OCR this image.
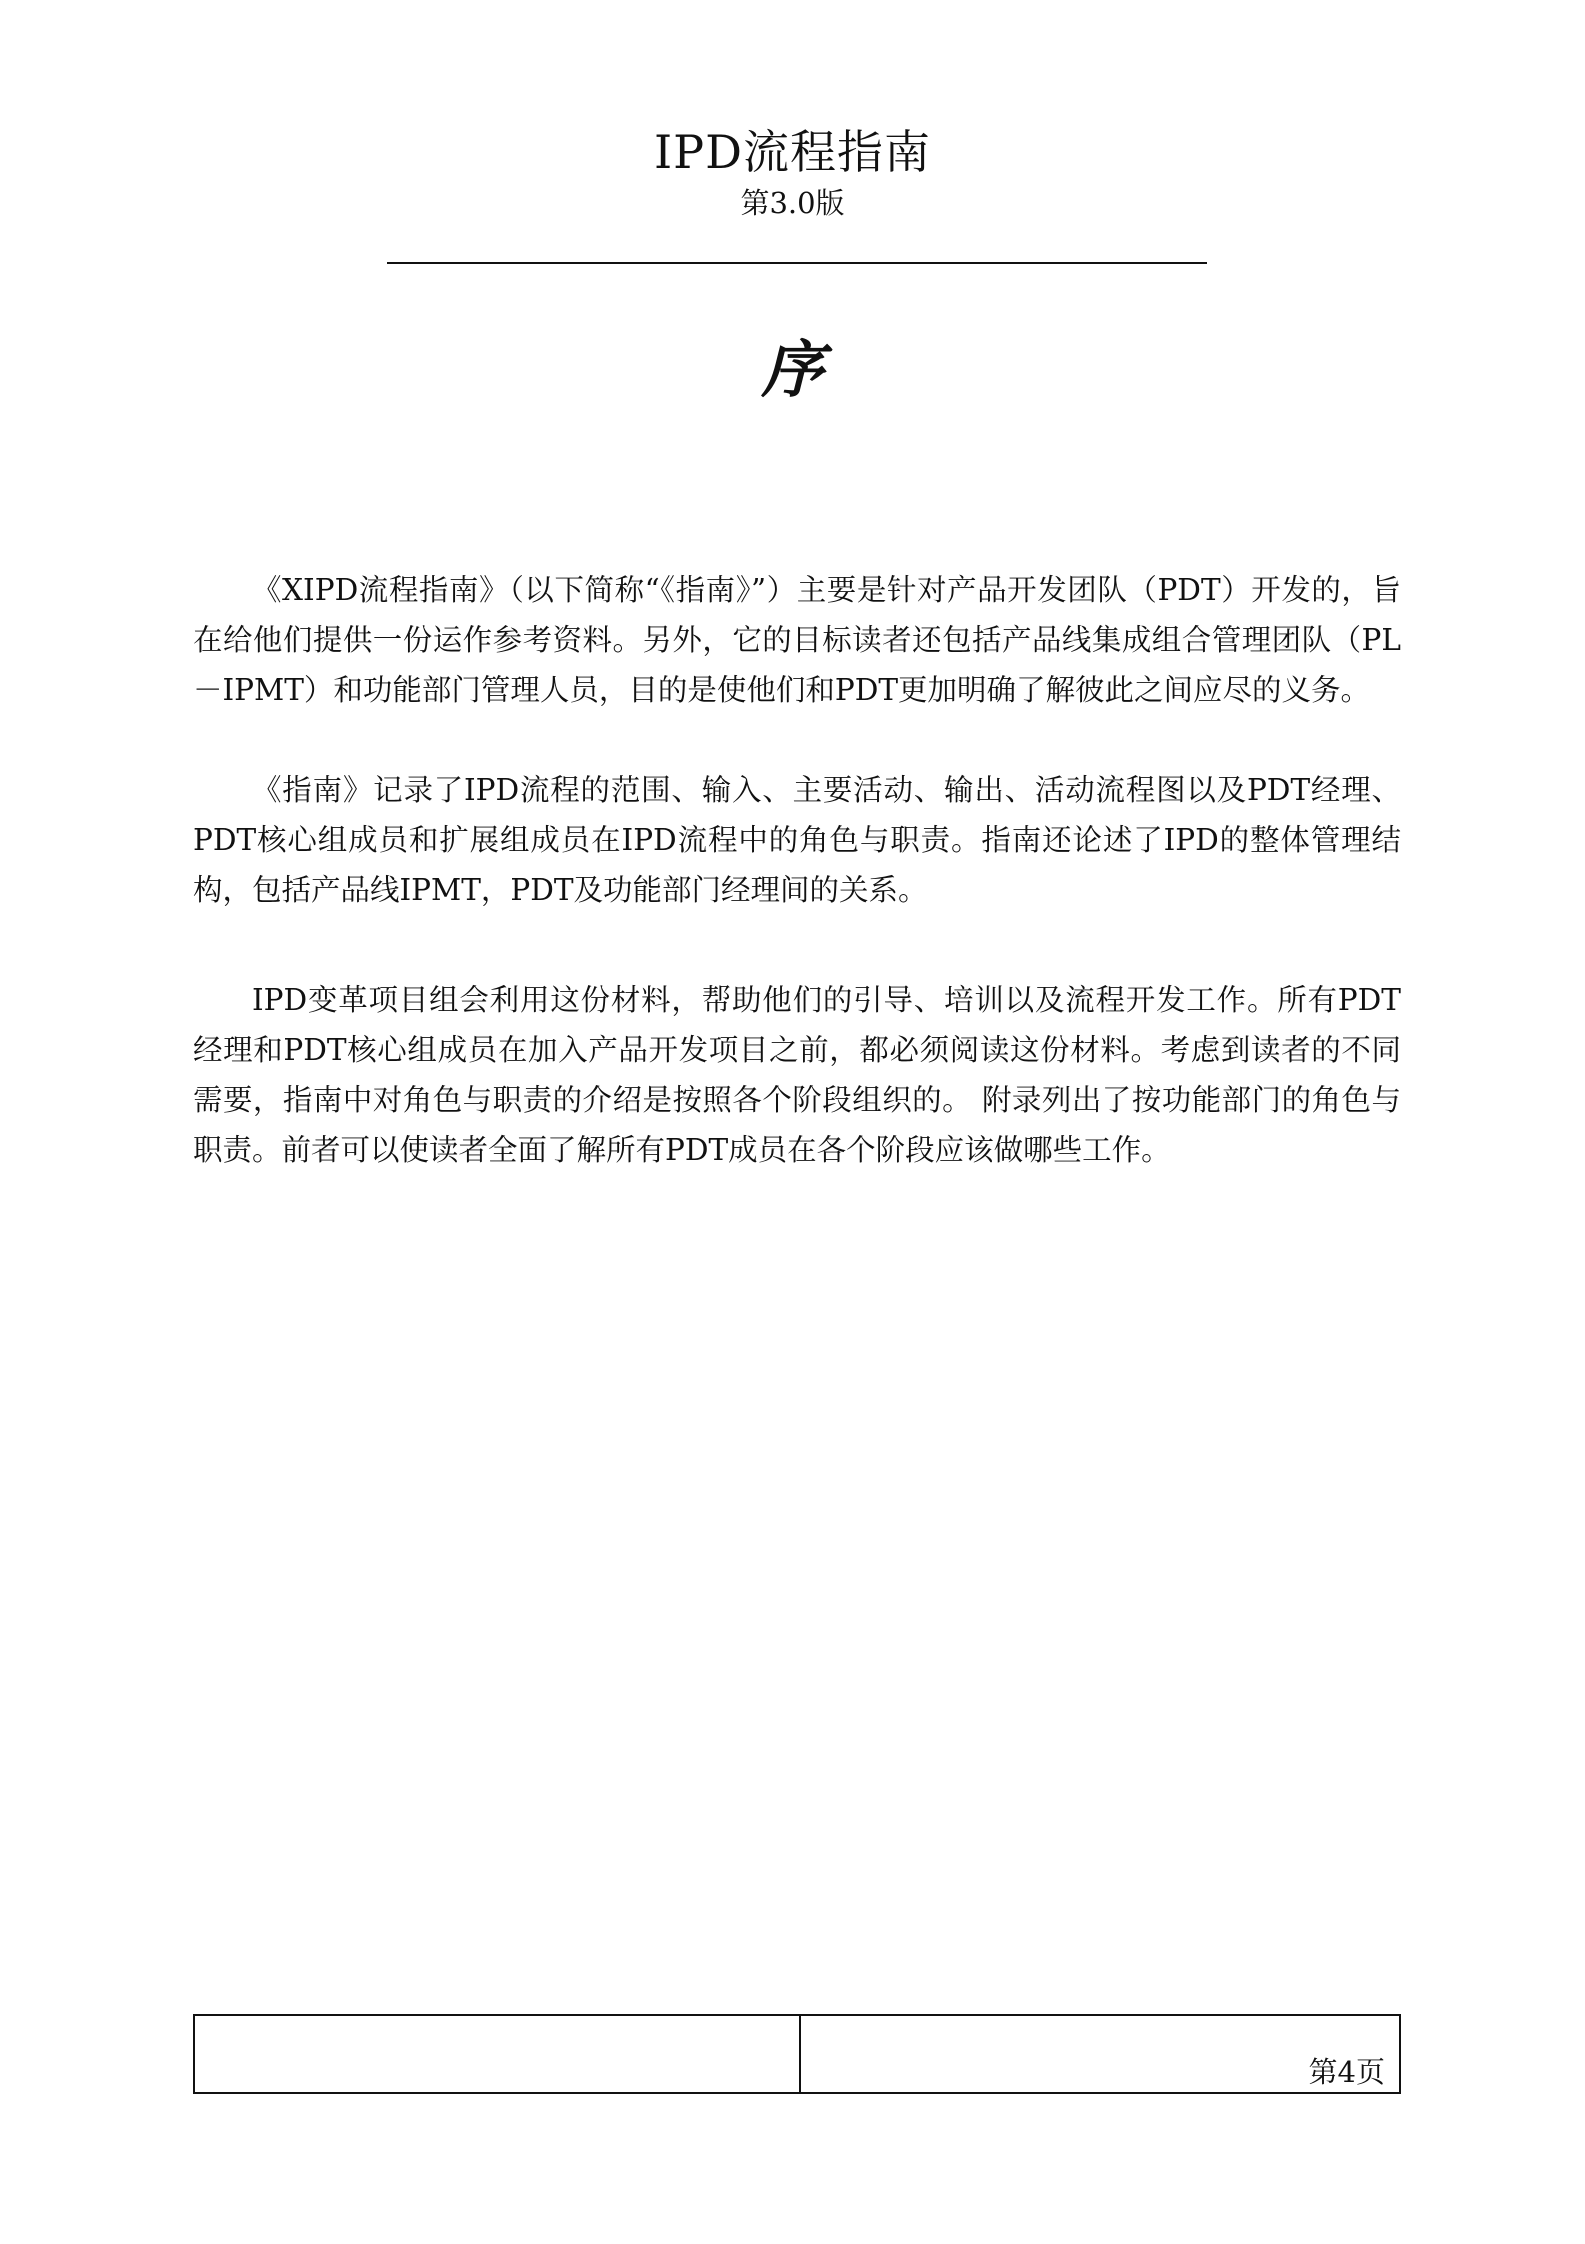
IPD流程指南
第3.0版
序

《XIPD流程指南》（以下简称“《指南》”）主要是针对产品开发团队（PDT）开发的，旨在给他们提供一份运作参考资料。另外，它的目标读者还包括产品线集成组合管理团队（PL－IPMT）和功能部门管理人员，目的是使他们和PDT更加明确了解彼此之间应尽的义务。

《指南》记录了IPD流程的范围、输入、主要活动、输出、活动流程图以及PDT经理、PDT核心组成员和扩展组成员在IPD流程中的角色与职责。指南还论述了IPD的整体管理结构，包括产品线IPMT，PDT及功能部门经理间的关系。

IPD变革项目组会利用这份材料，帮助他们的引导、培训以及流程开发工作。所有PDT经理和PDT核心组成员在加入产品开发项目之前，都必须阅读这份材料。考虑到读者的不同需要，指南中对角色与职责的介绍是按照各个阶段组织的。 附录列出了按功能部门的角色与职责。前者可以使读者全面了解所有PDT成员在各个阶段应该做哪些工作。

	第4页
